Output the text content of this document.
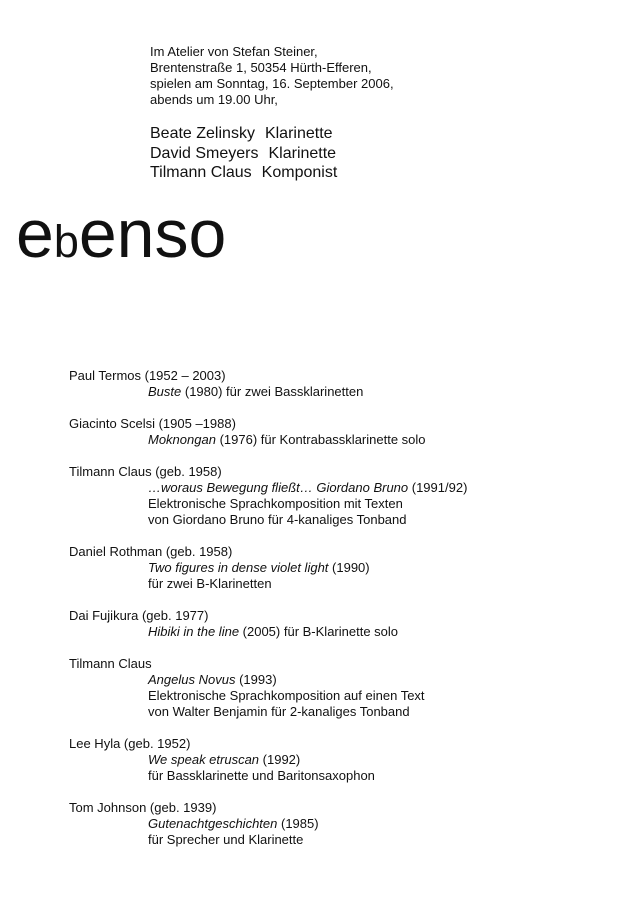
Im Atelier von Stefan Steiner,
Brentenstraße 1, 50354 Hürth-Efferen,
spielen am Sonntag, 16. September 2006,
abends um 19.00 Uhr,
Beate Zelinsky Klarinette
David Smeyers Klarinette
Tilmann Claus Komponist
ebenso
Paul Termos (1952 – 2003)
Buste (1980) für zwei Bassklarinetten
Giacinto Scelsi (1905 –1988)
Moknongan (1976) für Kontrabassklarinette solo
Tilmann Claus (geb. 1958)
…woraus Bewegung fließt… Giordano Bruno (1991/92)
Elektronische Sprachkomposition mit Texten
von Giordano Bruno für 4-kanaliges Tonband
Daniel Rothman (geb. 1958)
Two figures in dense violet light (1990)
für zwei B-Klarinetten
Dai Fujikura (geb. 1977)
Hibiki in the line (2005) für B-Klarinette solo
Tilmann Claus
Angelus Novus (1993)
Elektronische Sprachkomposition auf einen Text
von Walter Benjamin für 2-kanaliges Tonband
Lee Hyla (geb. 1952)
We speak etruscan (1992)
für Bassklarinette und Baritonsaxophon
Tom Johnson (geb. 1939)
Gutenachtgeschichten (1985)
für Sprecher und Klarinette
